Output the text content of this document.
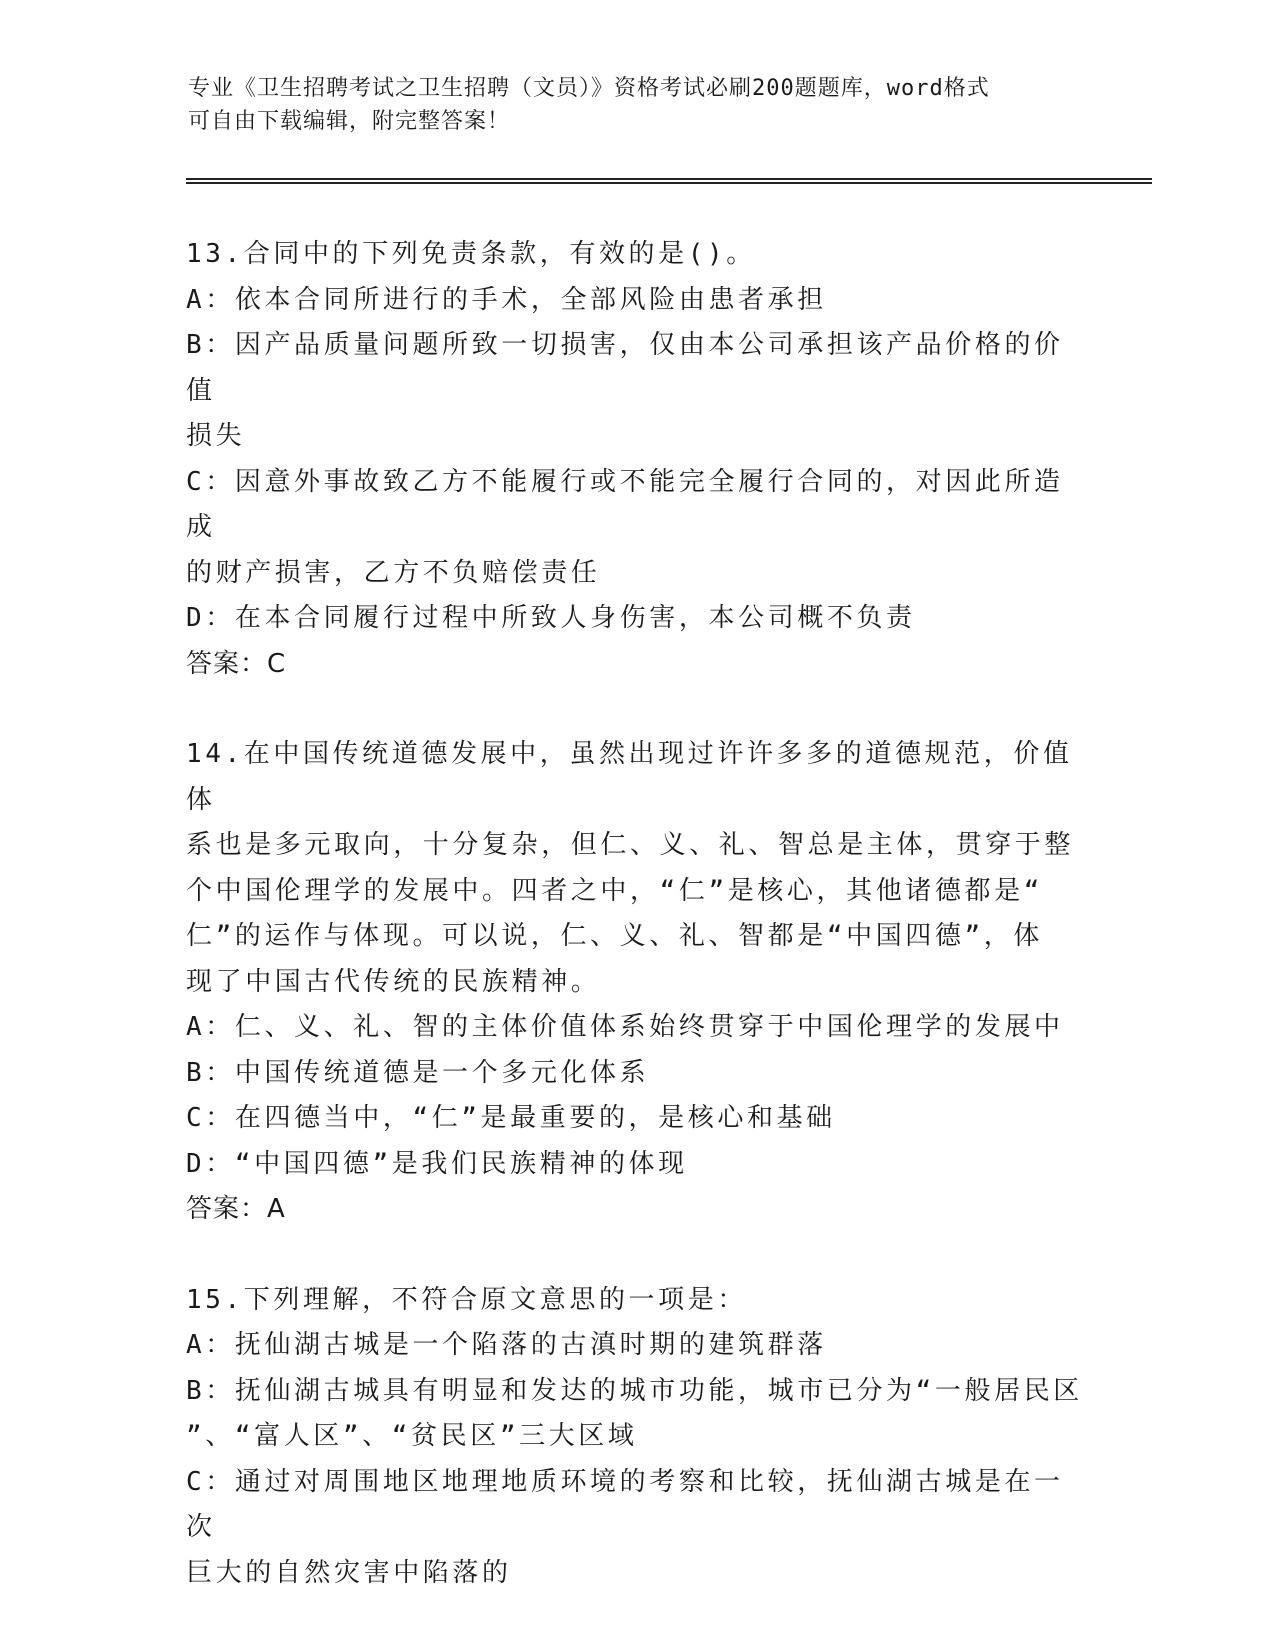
专业《卫生招聘考试之卫生招聘（文员）》资格考试必刷200题题库，word格式
可自由下载编辑，附完整答案！
13.合同中的下列免责条款，有效的是()。
A：依本合同所进行的手术，全部风险由患者承担
B：因产品质量问题所致一切损害，仅由本公司承担该产品价格的价值
损失
C：因意外事故致乙方不能履行或不能完全履行合同的，对因此所造成
的财产损害，乙方不负赔偿责任
D：在本合同履行过程中所致人身伤害，本公司概不负责
答案：C
14.在中国传统道德发展中，虽然出现过许许多多的道德规范，价值体
系也是多元取向，十分复杂，但仁、义、礼、智总是主体，贯穿于整
个中国伦理学的发展中。四者之中，“仁”是核心，其他诸德都是“
仁”的运作与体现。可以说，仁、义、礼、智都是“中国四德”，体
现了中国古代传统的民族精神。
A：仁、义、礼、智的主体价值体系始终贯穿于中国伦理学的发展中
B：中国传统道德是一个多元化体系
C：在四德当中，“仁”是最重要的，是核心和基础
D：“中国四德”是我们民族精神的体现
答案：A
15.下列理解，不符合原文意思的一项是：
A：抚仙湖古城是一个陷落的古滇时期的建筑群落
B：抚仙湖古城具有明显和发达的城市功能，城市已分为“一般居民区
”、“富人区”、“贫民区”三大区域
C：通过对周围地区地理地质环境的考察和比较，抚仙湖古城是在一次
巨大的自然灾害中陷落的
